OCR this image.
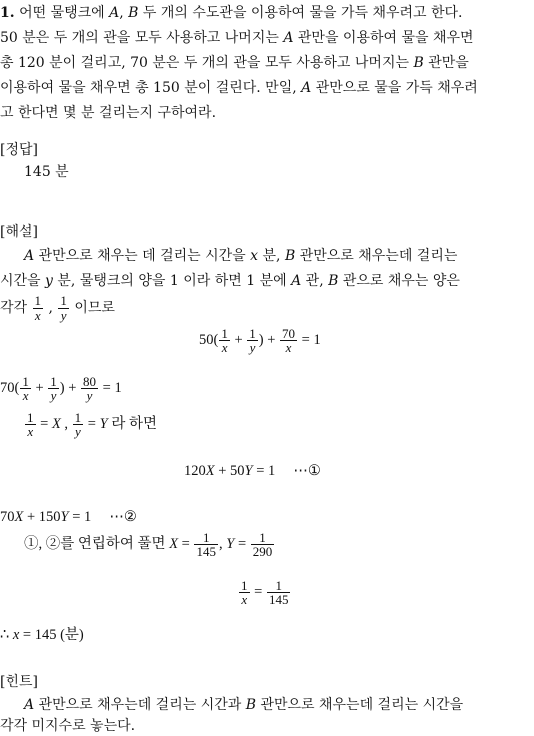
1. 어떤 물탱크에 A, B 두 개의 수도관을 이용하여 물을 가득 채우려고 한다.
50 분은 두 개의 관을 모두 사용하고 나머지는 A 관만을 이용하여 물을 채우면
총 120 분이 걸리고, 70 분은 두 개의 관을 모두 사용하고 나머지는 B 관만을
이용하여 물을 채우면 총 150 분이 걸린다. 만일, A 관만으로 물을 가득 채우려
고 한다면 몇 분 걸리는지 구하여라.
[정답]
145 분
[해설]
A 관만으로 채우는 데 걸리는 시간을 x 분, B 관만으로 채우는데 걸리는
시간을 y 분, 물탱크의 양을 1 이라 하면 1 분에 A 관, B 관으로 채우는 양은
각각 $\frac{1}{x}$ , $\frac{1}{y}$ 이므로
$50( \frac{1}{x} + \frac{1}{y}$ ) + $\frac{70}{x} = 1$
$70( \frac{1}{x} + \frac{1}{y}$ ) + $\frac{80}{y} = 1$
$\frac{1}{x} = X$ , $\frac{1}{y} = Y$ 라 하면
120X + 50Y = 1     ⋯①
70X + 150Y = 1     ⋯②
①, ②를 연립하여 풀면 $X = \frac{1}{145}$ , $Y = \frac{1}{290}$
$\frac{1}{x} = \frac{1}{145}$
∴ x = 145 (분)
[힌트]
A 관만으로 채우는데 걸리는 시간과 B 관만으로 채우는데 걸리는 시간을
각각 미지수로 놓는다.
